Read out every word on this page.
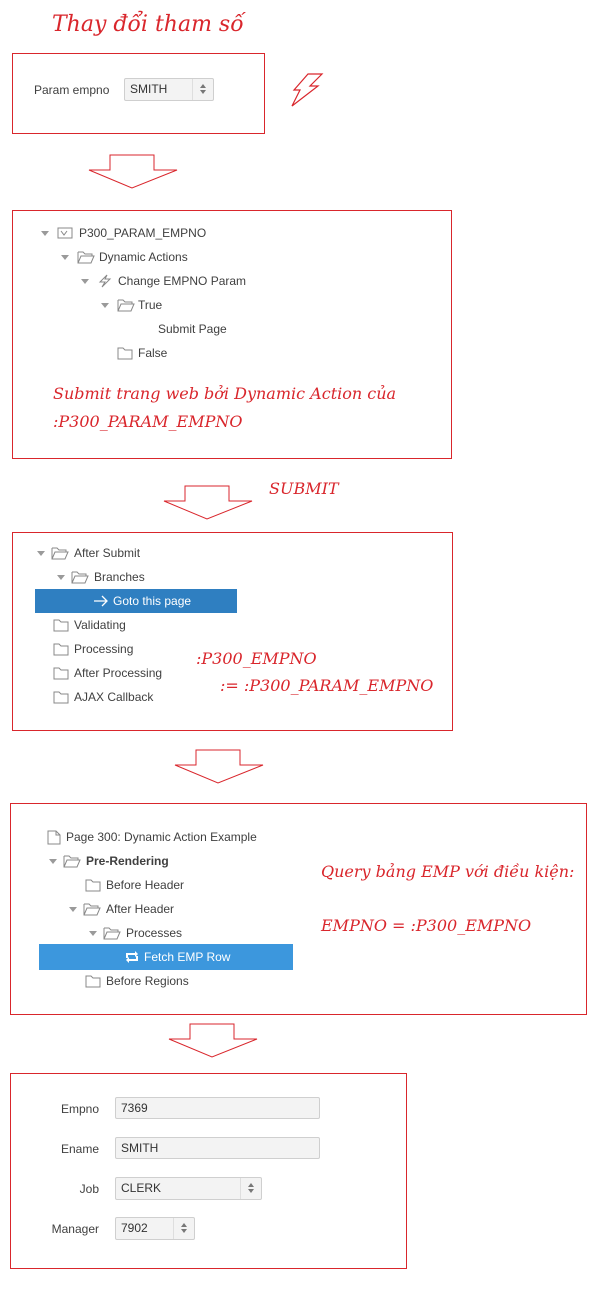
Thay đổi tham số
Param empno	SMITH
P300_PARAM_EMPNO
Dynamic Actions
Change EMPNO Param
True
Submit Page
False
Submit trang web bởi Dynamic Action của
:P300_PARAM_EMPNO
SUBMIT
After Submit
Branches
Goto this page
Validating
Processing
After Processing
AJAX Callback
:P300_EMPNO
:= :P300_PARAM_EMPNO
Page 300: Dynamic Action Example
Pre-Rendering
Before Header
After Header
Processes
Fetch EMP Row
Before Regions
Query bảng EMP với điều kiện:
EMPNO = :P300_EMPNO
Empno	7369
Ename	SMITH
Job	CLERK
Manager	7902
